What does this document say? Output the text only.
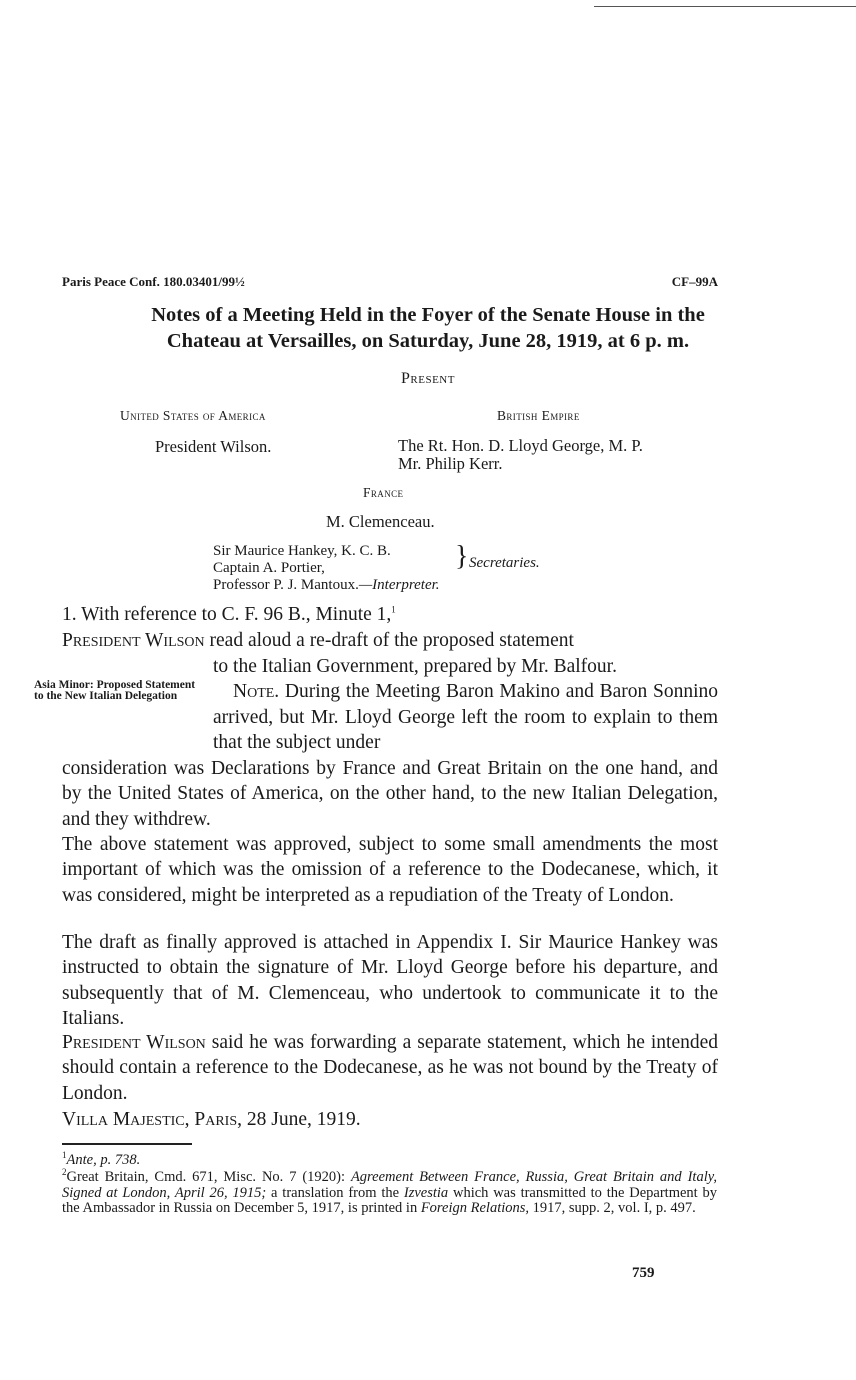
Paris Peace Conf. 180.03401/99½	CF–99A
Notes of a Meeting Held in the Foyer of the Senate House in the
Chateau at Versailles, on Saturday, June 28, 1919, at 6 p. m.
Present
United States of America	British Empire
President Wilson.	The Rt. Hon. D. Lloyd George, M. P.
Mr. Philip Kerr.
France
M. Clemenceau.
Sir Maurice Hankey, K. C. B.
Captain A. Portier,
Professor P. J. Mantoux.—Interpreter.
} Secretaries.
1. With reference to C. F. 96 B., Minute 1,$^1$
President Wilson read aloud a re-draft of the proposed statement
Asia Minor: Proposed Statement to the New Italian Delegation

to the Italian Government, prepared by Mr. Balfour.
Note. During the Meeting Baron Makino and Baron Sonnino arrived, but Mr. Lloyd George left the room to explain to them that the subject under

consideration was Declarations by France and Great Britain on the one hand, and by the United States of America, on the other hand, to the new Italian Delegation, and they withdrew.

The above statement was approved, subject to some small amendments the most important of which was the omission of a reference to the Dodecanese, which, it was considered, might be interpreted as a repudiation of the Treaty of London.

The draft as finally approved is attached in Appendix I. Sir Maurice Hankey was instructed to obtain the signature of Mr. Lloyd George before his departure, and subsequently that of M. Clemenceau, who undertook to communicate it to the Italians.

President Wilson said he was forwarding a separate statement, which he intended should contain a reference to the Dodecanese, as he was not bound by the Treaty of London.

Villa Majestic, Paris, 28 June, 1919.
$^1$Ante, p. 738.
$^2$Great Britain, Cmd. 671, Misc. No. 7 (1920): Agreement Between France, Russia, Great Britain and Italy, Signed at London, April 26, 1915; a translation from the Izvestia which was transmitted to the Department by the Ambassador in Russia on December 5, 1917, is printed in Foreign Relations, 1917, supp. 2, vol. I, p. 497.
759
